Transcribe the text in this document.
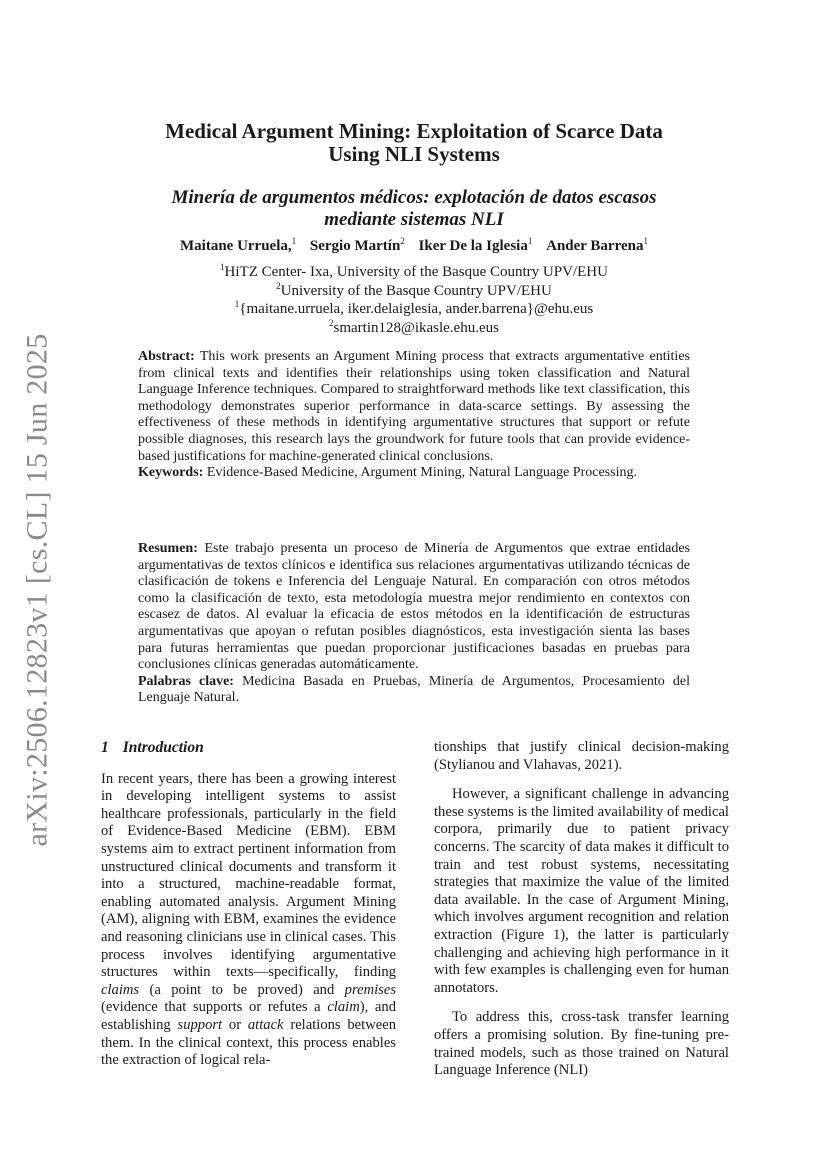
arXiv:2506.12823v1 [cs.CL] 15 Jun 2025
Medical Argument Mining: Exploitation of Scarce Data
Using NLI Systems
Minería de argumentos médicos: explotación de datos escasos
mediante sistemas NLI
Maitane Urruela,$^1$ Sergio Martín$^2$ Iker De la Iglesia$^1$ Ander Barrena$^1$
$^1$HiTZ Center- Ixa, University of the Basque Country UPV/EHU
$^2$University of the Basque Country UPV/EHU
$^1${maitane.urruela, iker.delaiglesia, ander.barrena}@ehu.eus
$^2$smartin128@ikasle.ehu.eus

Abstract: This work presents an Argument Mining process that extracts argumentative entities from clinical texts and identifies their relationships using token classification and Natural Language Inference techniques. Compared to straightforward methods like text classification, this methodology demonstrates superior performance in data-scarce settings. By assessing the effectiveness of these methods in identifying argumentative structures that support or refute possible diagnoses, this research lays the groundwork for future tools that can provide evidence-based justifications for machine-generated clinical conclusions.

Keywords: Evidence-Based Medicine, Argument Mining, Natural Language Processing.

Resumen: Este trabajo presenta un proceso de Minería de Argumentos que extrae entidades argumentativas de textos clínicos e identifica sus relaciones argumentativas utilizando técnicas de clasificación de tokens e Inferencia del Lenguaje Natural. En comparación con otros métodos como la clasificación de texto, esta metodología muestra mejor rendimiento en contextos con escasez de datos. Al evaluar la eficacia de estos métodos en la identificación de estructuras argumentativas que apoyan o refutan posibles diagnósticos, esta investigación sienta las bases para futuras herramientas que puedan proporcionar justificaciones basadas en pruebas para conclusiones clínicas generadas automáticamente.

Palabras clave: Medicina Basada en Pruebas, Minería de Argumentos, Procesamiento del Lenguaje Natural.

1 Introduction

In recent years, there has been a growing interest in developing intelligent systems to assist healthcare professionals, particularly in the field of Evidence-Based Medicine (EBM). EBM systems aim to extract pertinent information from unstructured clinical documents and transform it into a structured, machine-readable format, enabling automated analysis. Argument Mining (AM), aligning with EBM, examines the evidence and reasoning clinicians use in clinical cases. This process involves identifying argumentative structures within texts—specifically, finding claims (a point to be proved) and premises (evidence that supports or refutes a claim), and establishing support or attack relations between them. In the clinical context, this process enables the extraction of logical rela-

tionships that justify clinical decision-making (Stylianou and Vlahavas, 2021).

However, a significant challenge in advancing these systems is the limited availability of medical corpora, primarily due to patient privacy concerns. The scarcity of data makes it difficult to train and test robust systems, necessitating strategies that maximize the value of the limited data available. In the case of Argument Mining, which involves argument recognition and relation extraction (Figure 1), the latter is particularly challenging and achieving high performance in it with few examples is challenging even for human annotators.

To address this, cross-task transfer learning offers a promising solution. By fine-tuning pre-trained models, such as those trained on Natural Language Inference (NLI)
